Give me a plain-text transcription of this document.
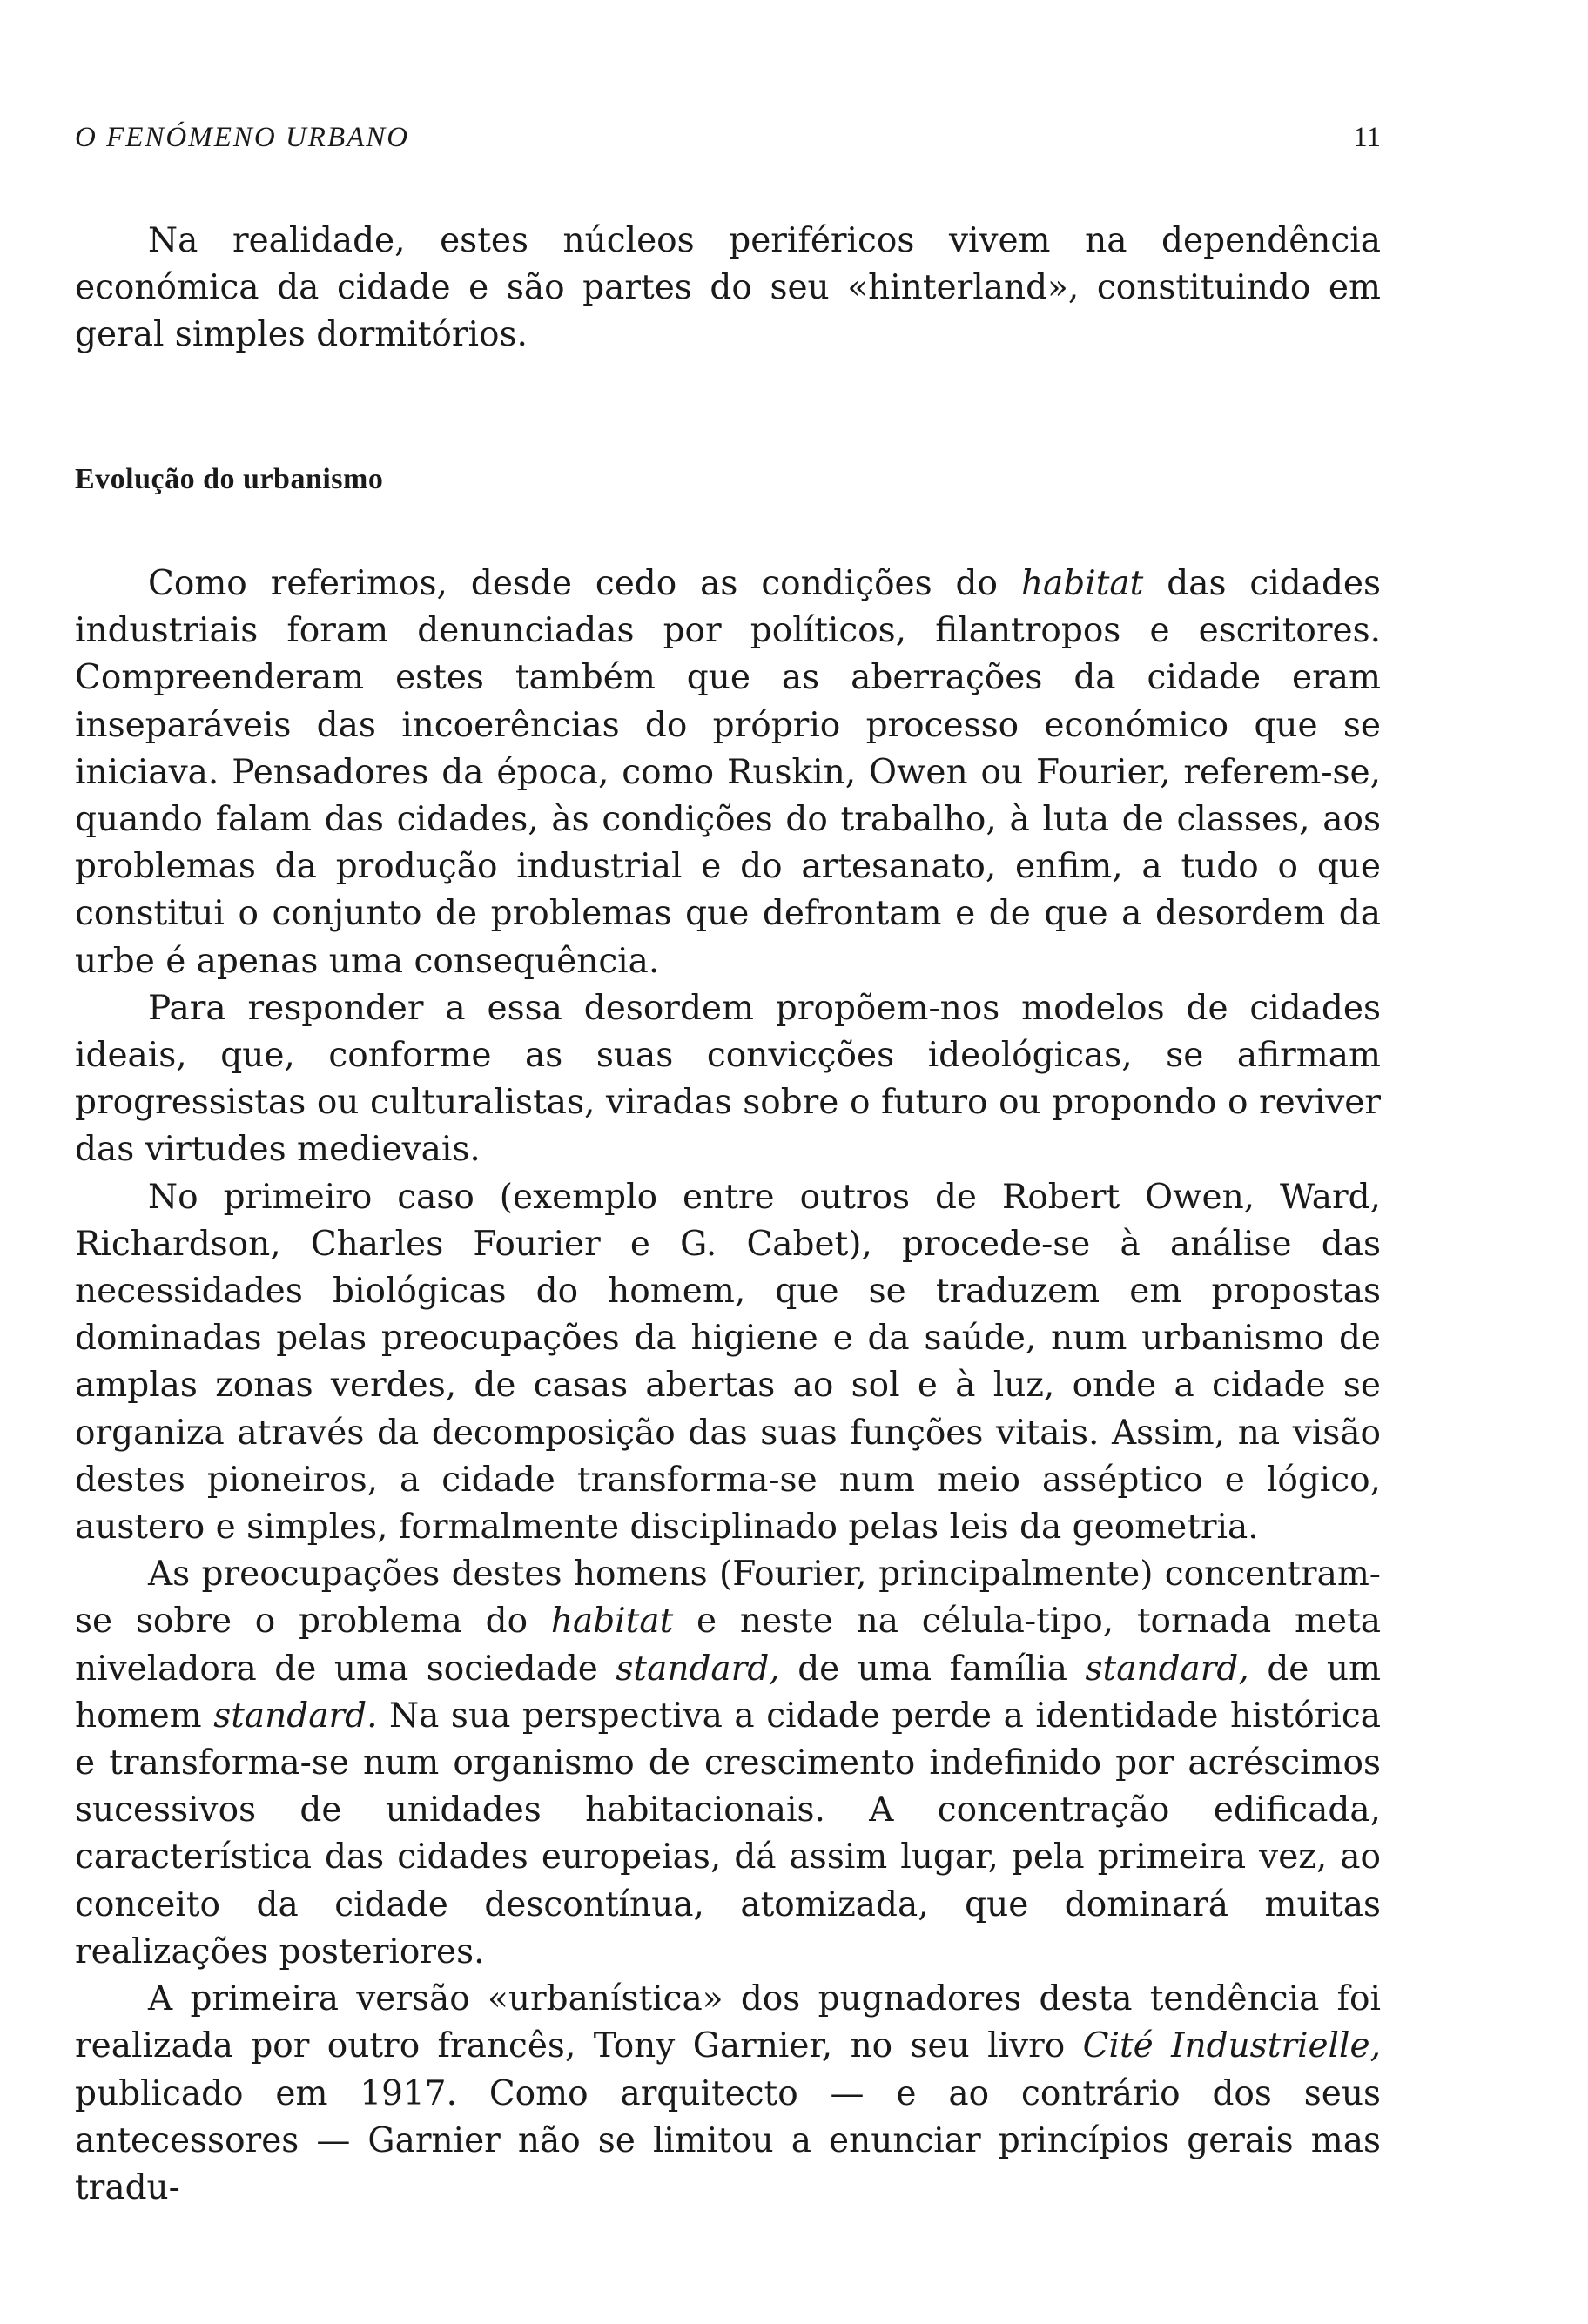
O FENÓMENO URBANO	11

Na realidade, estes núcleos periféricos vivem na dependência económica da cidade e são partes do seu «hinterland», constituindo em geral simples dormitórios.

Evolução do urbanismo

Como referimos, desde cedo as condições do habitat das cidades industriais foram denunciadas por políticos, filantropos e escritores. Compreenderam estes também que as aberrações da cidade eram inseparáveis das incoerências do próprio processo económico que se iniciava. Pensadores da época, como Ruskin, Owen ou Fourier, referem-se, quando falam das cidades, às condições do trabalho, à luta de classes, aos problemas da produção industrial e do artesanato, enfim, a tudo o que constitui o conjunto de problemas que defrontam e de que a desordem da urbe é apenas uma consequência.

Para responder a essa desordem propõem-nos modelos de cidades ideais, que, conforme as suas convicções ideológicas, se afirmam progressistas ou culturalistas, viradas sobre o futuro ou propondo o reviver das virtudes medievais.

No primeiro caso (exemplo entre outros de Robert Owen, Ward, Richardson, Charles Fourier e G. Cabet), procede-se à análise das necessidades biológicas do homem, que se traduzem em propostas dominadas pelas preocupações da higiene e da saúde, num urbanismo de amplas zonas verdes, de casas abertas ao sol e à luz, onde a cidade se organiza através da decomposição das suas funções vitais. Assim, na visão destes pioneiros, a cidade transforma-se num meio asséptico e lógico, austero e simples, formalmente disciplinado pelas leis da geometria.

As preocupações destes homens (Fourier, principalmente) concentram-se sobre o problema do habitat e neste na célula-tipo, tornada meta niveladora de uma sociedade standard, de uma família standard, de um homem standard. Na sua perspectiva a cidade perde a identidade histórica e transforma-se num organismo de crescimento indefinido por acréscimos sucessivos de unidades habitacionais. A concentração edificada, característica das cidades europeias, dá assim lugar, pela primeira vez, ao conceito da cidade descontínua, atomizada, que dominará muitas realizações posteriores.

A primeira versão «urbanística» dos pugnadores desta tendência foi realizada por outro francês, Tony Garnier, no seu livro Cité Industrielle, publicado em 1917. Como arquitecto — e ao contrário dos seus antecessores — Garnier não se limitou a enunciar princípios gerais mas tradu-
